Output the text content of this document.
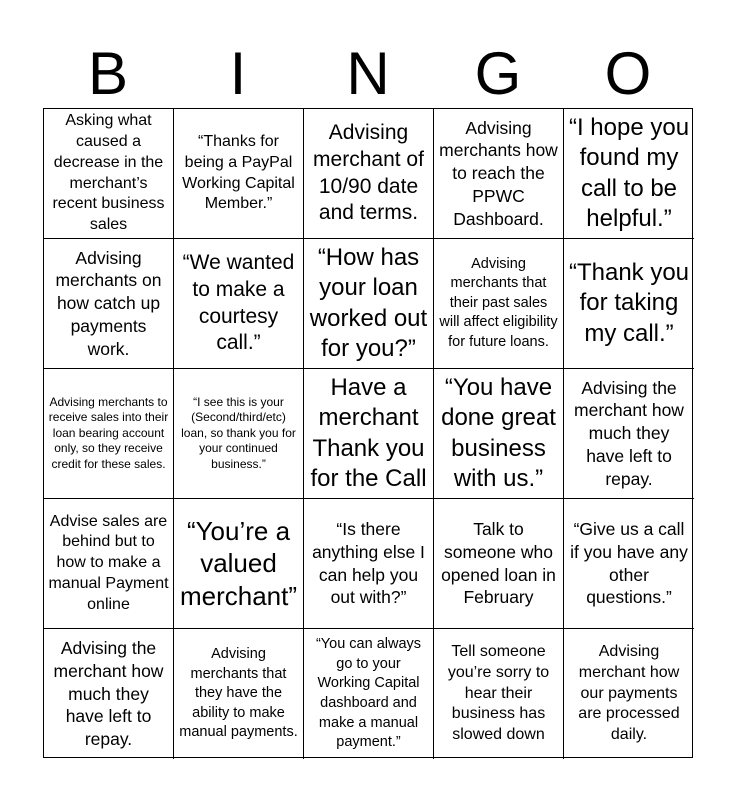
B	I	N	G	O
Asking what caused a decrease in the merchant’s recent business sales
“Thanks for being a PayPal Working Capital Member.”
Advising merchant of 10/90 date and terms.
Advising merchants how to reach the PPWC Dashboard.
“I hope you found my call to be helpful.”
Advising merchants on how catch up payments work.
“We wanted to make a courtesy call.”
“How has your loan worked out for you?”
Advising merchants that their past sales will affect eligibility for future loans.
“Thank you for taking my call.”
Advising merchants to receive sales into their loan bearing account only, so they receive credit for these sales.
“I see this is your (Second/third/etc) loan, so thank you for your continued business.”
Have a merchant Thank you for the Call
“You have done great business with us.”
Advising the merchant how much they have left to repay.
Advise sales are behind but to how to make a manual Payment online
“You’re a valued merchant”
“Is there anything else I can help you out with?”
Talk to someone who opened loan in February
“Give us a call if you have any other questions.”
Advising the merchant how much they have left to repay.
Advising merchants that they have the ability to make manual payments.
“You can always go to your Working Capital dashboard and make a manual payment.”
Tell someone you’re sorry to hear their business has slowed down
Advising merchant how our payments are processed daily.
